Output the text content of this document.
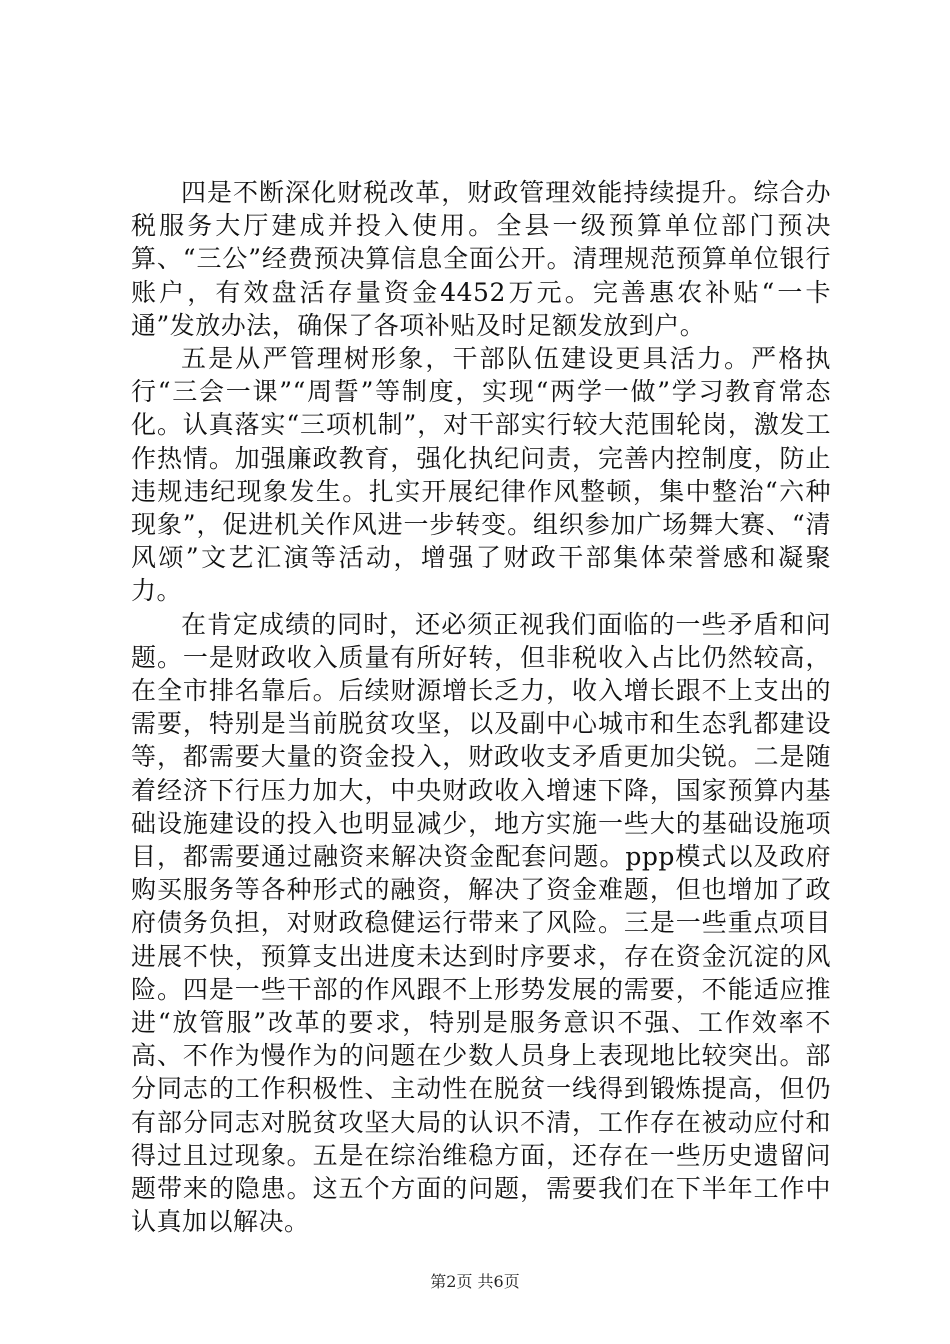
四是不断深化财税改革，财政管理效能持续提升。综合办税服务大厅建成并投入使用。全县一级预算单位部门预决算、“三公”经费预决算信息全面公开。清理规范预算单位银行账户，有效盘活存量资金4452万元。完善惠农补贴“一卡通”发放办法，确保了各项补贴及时足额发放到户。

五是从严管理树形象，干部队伍建设更具活力。严格执行“三会一课”“周誓”等制度，实现“两学一做”学习教育常态化。认真落实“三项机制”，对干部实行较大范围轮岗，激发工作热情。加强廉政教育，强化执纪问责，完善内控制度，防止违规违纪现象发生。扎实开展纪律作风整顿，集中整治“六种现象”，促进机关作风进一步转变。组织参加广场舞大赛、“清风颂”文艺汇演等活动，增强了财政干部集体荣誉感和凝聚力。

在肯定成绩的同时，还必须正视我们面临的一些矛盾和问题。一是财政收入质量有所好转，但非税收入占比仍然较高，在全市排名靠后。后续财源增长乏力，收入增长跟不上支出的需要，特别是当前脱贫攻坚，以及副中心城市和生态乳都建设等，都需要大量的资金投入，财政收支矛盾更加尖锐。二是随着经济下行压力加大，中央财政收入增速下降，国家预算内基础设施建设的投入也明显减少，地方实施一些大的基础设施项目，都需要通过融资来解决资金配套问题。ppp模式以及政府购买服务等各种形式的融资，解决了资金难题，但也增加了政府债务负担，对财政稳健运行带来了风险。三是一些重点项目进展不快，预算支出进度未达到时序要求，存在资金沉淀的风险。四是一些干部的作风跟不上形势发展的需要，不能适应推进“放管服”改革的要求，特别是服务意识不强、工作效率不高、不作为慢作为的问题在少数人员身上表现地比较突出。部分同志的工作积极性、主动性在脱贫一线得到锻炼提高，但仍有部分同志对脱贫攻坚大局的认识不清，工作存在被动应付和得过且过现象。五是在综治维稳方面，还存在一些历史遗留问题带来的隐患。这五个方面的问题，需要我们在下半年工作中认真加以解决。

第2页 共6页
